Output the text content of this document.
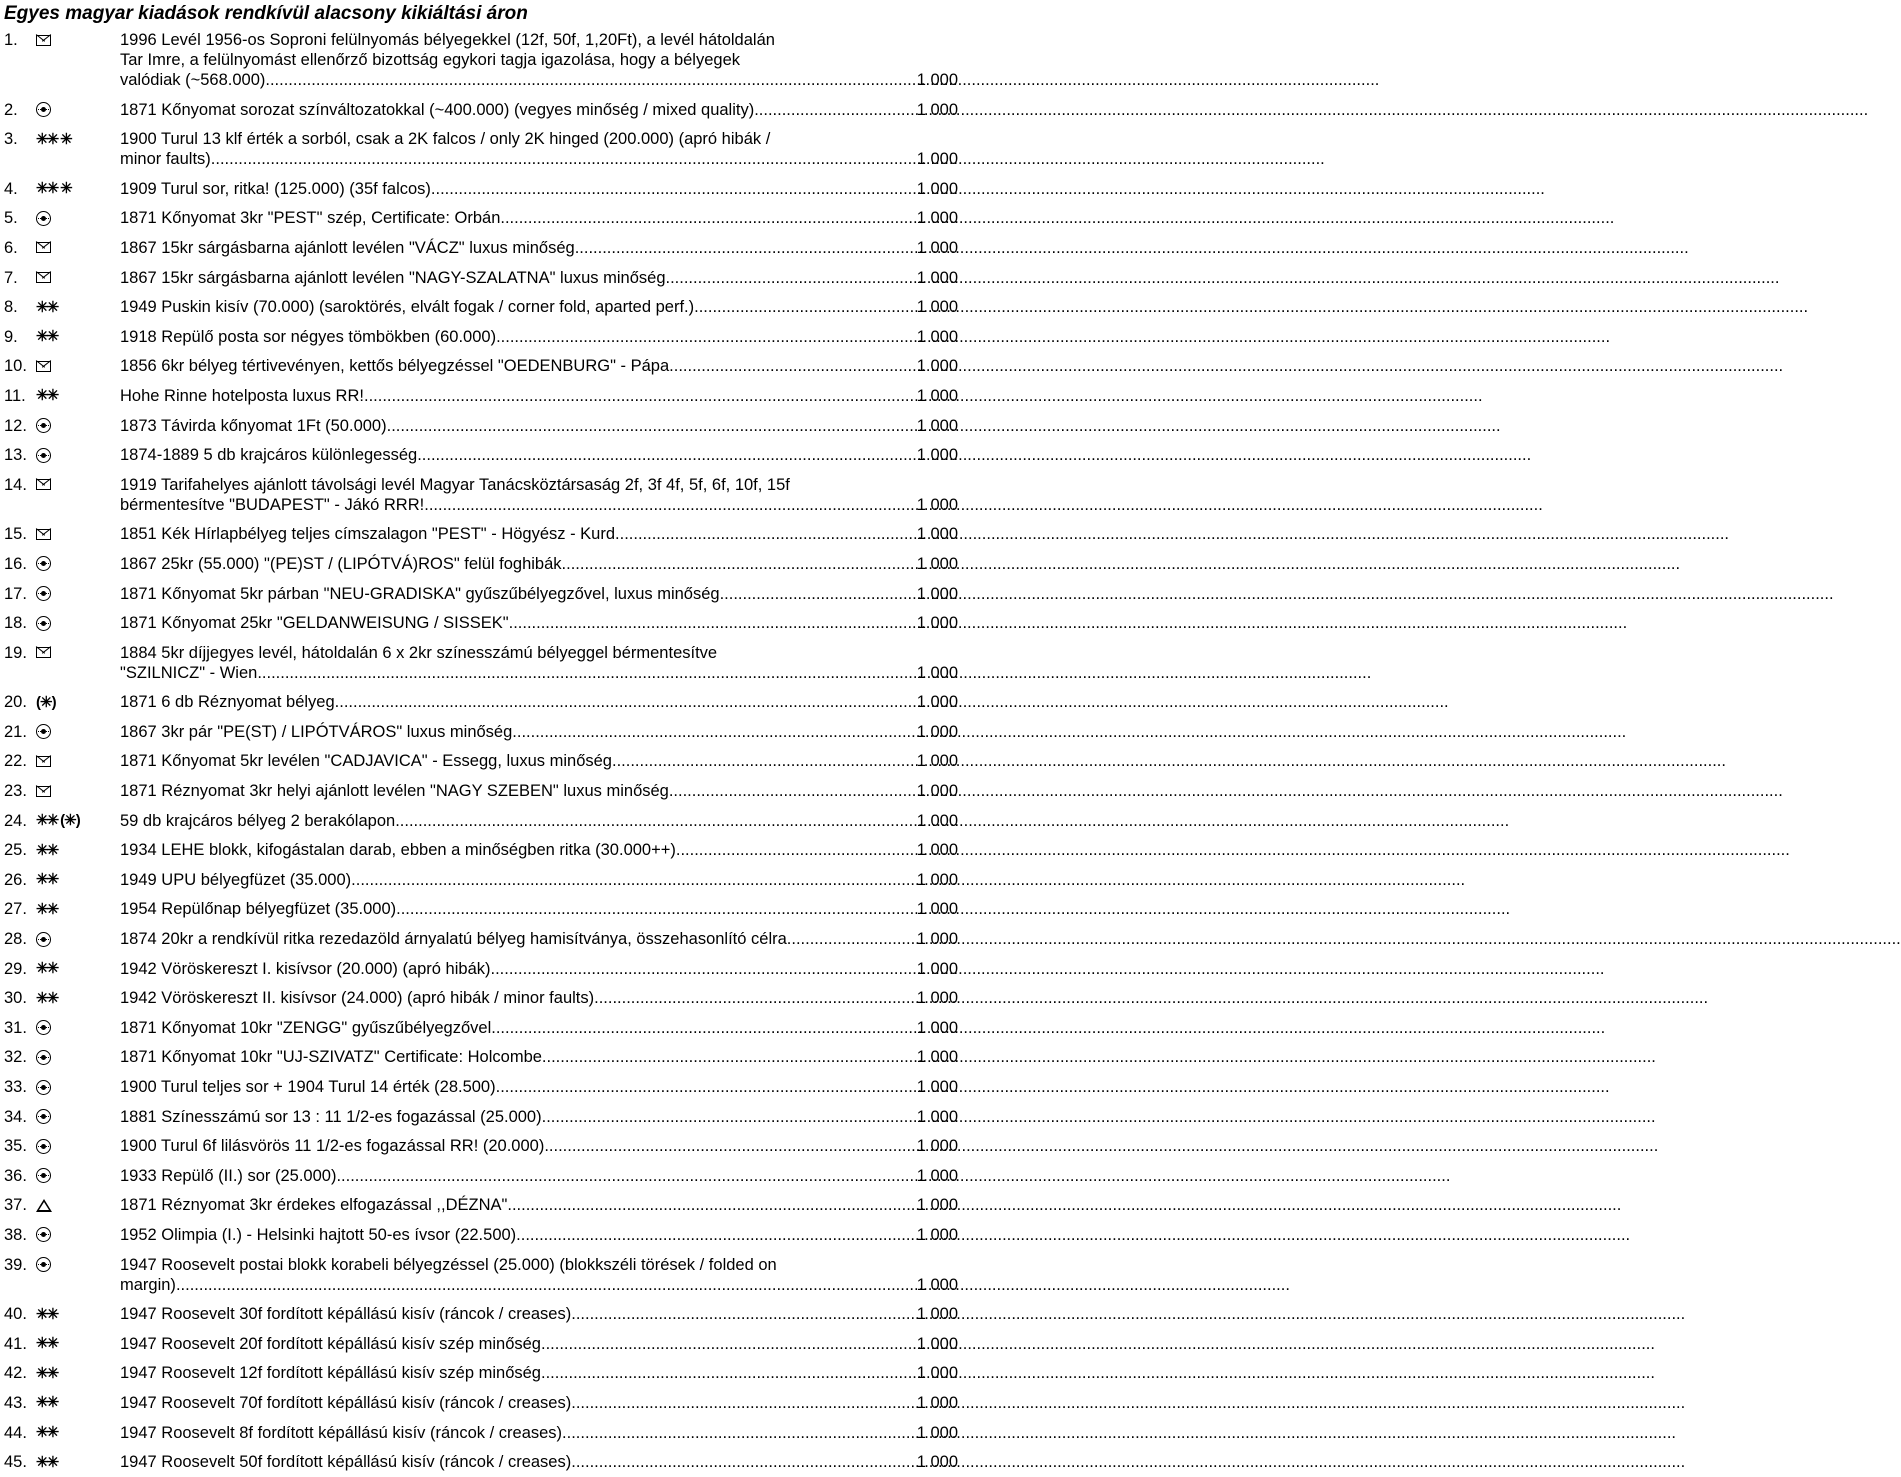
Egyes magyar kiadások rendkívül alacsony kikiáltási áron
1.	1996 Levél 1956-os Soproni felülnyomás bélyegekkel (12f, 50f, 1,20Ft), a levél hátoldalán
Tar Imre, a felülnyomást ellenőrző bizottság egykori tagja igazolása, hogy a bélyegek
valódiak (~568.000) .....	1 000
2.	1871 Kőnyomat sorozat színváltozatokkal (~400.000) (vegyes minőség / mixed quality) .....	1 000
3.	✳✳ ✳	1900 Turul 13 klf érték a sorból, csak a 2K falcos / only 2K hinged (200.000) (apró hibák /
minor faults) .....	1 000
4.	✳✳ ✳	1909 Turul sor, ritka! (125.000) (35f falcos) .....	1 000
5.	1871 Kőnyomat 3kr "PEST" szép, Certificate: Orbán .....	1 000
6.	1867 15kr sárgásbarna ajánlott levélen "VÁCZ" luxus minőség .....	1 000
7.	1867 15kr sárgásbarna ajánlott levélen "NAGY-SZALATNA" luxus minőség .....	1 000
8.	✳✳	1949 Puskin kisív (70.000) (saroktörés, elvált fogak / corner fold, aparted perf.) .....	1 000
9.	✳✳	1918 Repülő posta sor négyes tömbökben (60.000) .....	1 000
10.	1856 6kr bélyeg tértivevényen, kettős bélyegzéssel "OEDENBURG" - Pápa .....	1 000
11. ✳✳	Hohe Rinne hotelposta luxus RR!. .....	1 000
12.	1873 Távirda kőnyomat 1Ft (50.000) .....	1 000
13.	1874-1889 5 db krajcáros különlegesség .....	1 000
14.	1919 Tarifahelyes ajánlott távolsági levél Magyar Tanácsköztársaság 2f, 3f 4f, 5f, 6f, 10f, 15f
bérmentesítve "BUDAPEST" - Jákó RRR!. .....	1 000
15.	1851 Kék Hírlapbélyeg teljes címszalagon "PEST" - Högyész - Kurd .....	1 000
16.	1867 25kr (55.000) "(PE)ST / (LIPÓTVÁ)ROS" felül foghibák. .....	1 000
17.	1871 Kőnyomat 5kr párban "NEU-GRADISKA" gyűszűbélyegzővel, luxus minőség .....	1 000
18.	1871 Kőnyomat 25kr "GELDANWEISUNG / SISSEK". .....	1 000
19.	1884 5kr díjjegyes levél, hátoldalán 6 x 2kr színesszámú bélyeggel bérmentesítve
"SZILNICZ" - Wien .....	1 000
20. (✳)	1871 6 db Réznyomat bélyeg .....	1 000
21.	1867 3kr pár "PE(ST) / LIPÓTVÁROS" luxus minőség .....	1 000
22.	1871 Kőnyomat 5kr levélen "CADJAVICA" - Essegg, luxus minőség .....	1 000
23.	1871 Réznyomat 3kr helyi ajánlott levélen "NAGY SZEBEN" luxus minőség .....	1 000
24. ✳✳ (✳) 59 db krajcáros bélyeg 2 berakólapon .....	1 000
25. ✳✳	1934 LEHE blokk, kifogástalan darab, ebben a minőségben ritka (30.000++) .....	1 000
26. ✳✳	1949 UPU bélyegfüzet (35.000) .....	1 000
27. ✳✳	1954 Repülőnap bélyegfüzet (35.000) .....	1 000
28.	1874 20kr a rendkívül ritka rezedazöld árnyalatú bélyeg hamisítványa, összehasonlító célra .....	1 000
29. ✳✳	1942 Vöröskereszt I. kisívsor (20.000) (apró hibák) .....	1 000
30. ✳✳	1942 Vöröskereszt II. kisívsor (24.000) (apró hibák / minor faults) .....	1 000
31.	1871 Kőnyomat 10kr "ZENGG" gyűszűbélyegzővel .....	1 000
32.	1871 Kőnyomat 10kr "UJ-SZIVATZ" Certificate: Holcombe .....	1 000
33.	1900 Turul teljes sor + 1904 Turul 14 érték (28.500) .....	1 000
34.	1881 Színesszámú sor 13 : 11 1/2-es fogazással (25.000) .....	1 000
35.	1900 Turul 6f lilásvörös 11 1/2-es fogazással RR! (20.000) .....	1 000
36.	1933 Repülő (II.) sor (25.000) .....	1 000
37.	1871 Réznyomat 3kr érdekes elfogazással ,,DÉZNA" .....	1 000
38.	1952 Olimpia (I.) - Helsinki hajtott 50-es ívsor (22.500) .....	1 000
39.	1947 Roosevelt postai blokk korabeli bélyegzéssel (25.000) (blokkszéli törések / folded on
margin) .....	1 000
40. ✳✳	1947 Roosevelt 30f fordított képállású kisív (ráncok / creases) .....	1 000
41. ✳✳	1947 Roosevelt 20f fordított képállású kisív szép minőség .....	1 000
42. ✳✳	1947 Roosevelt 12f fordított képállású kisív szép minőség .....	1 000
43. ✳✳	1947 Roosevelt 70f fordított képállású kisív (ráncok / creases) .....	1 000
44. ✳✳	1947 Roosevelt 8f fordított képállású kisív (ráncok / creases) .....	1 000
45. ✳✳	1947 Roosevelt 50f fordított képállású kisív (ráncok / creases) .....	1 000
